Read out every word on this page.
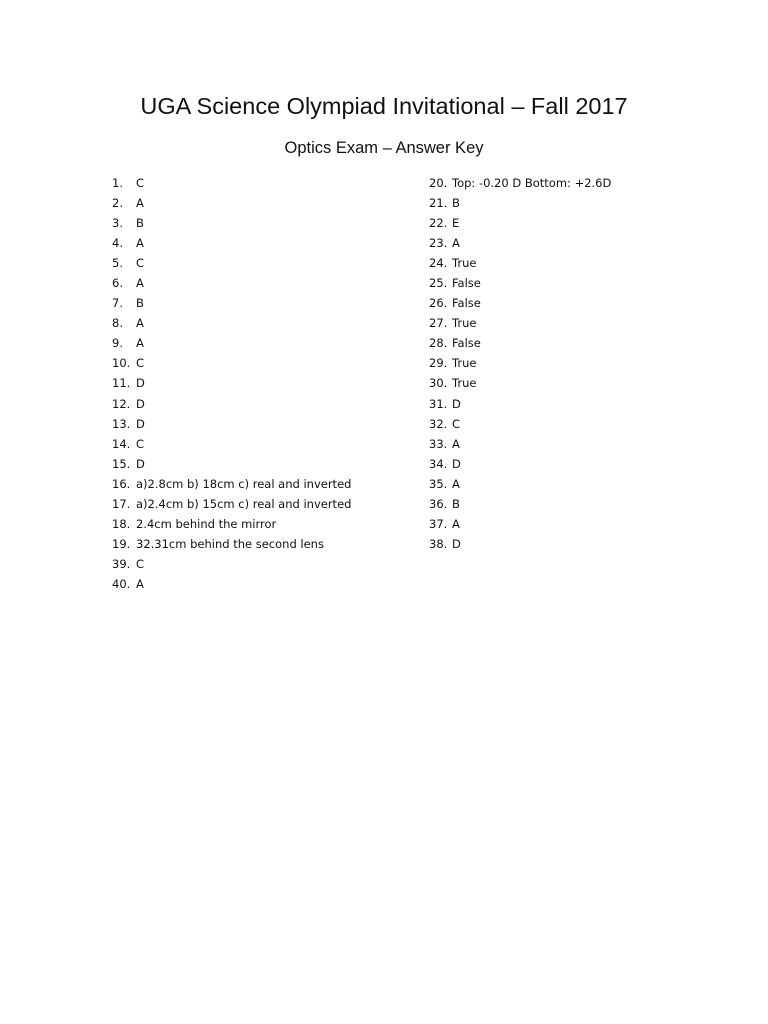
UGA Science Olympiad Invitational – Fall 2017
Optics Exam – Answer Key
1. C
2. A
3. B
4. A
5. C
6. A
7. B
8. A
9. A
10. C
11. D
12. D
13. D
14. C
15. D
16. a)2.8cm b) 18cm c) real and inverted
17. a)2.4cm b) 15cm c) real and inverted
18. 2.4cm behind the mirror
19. 32.31cm behind the second lens
39. C
40. A
20. Top: -0.20 D Bottom: +2.6D
21. B
22. E
23. A
24. True
25. False
26. False
27. True
28. False
29. True
30. True
31. D
32. C
33. A
34. D
35. A
36. B
37. A
38. D
